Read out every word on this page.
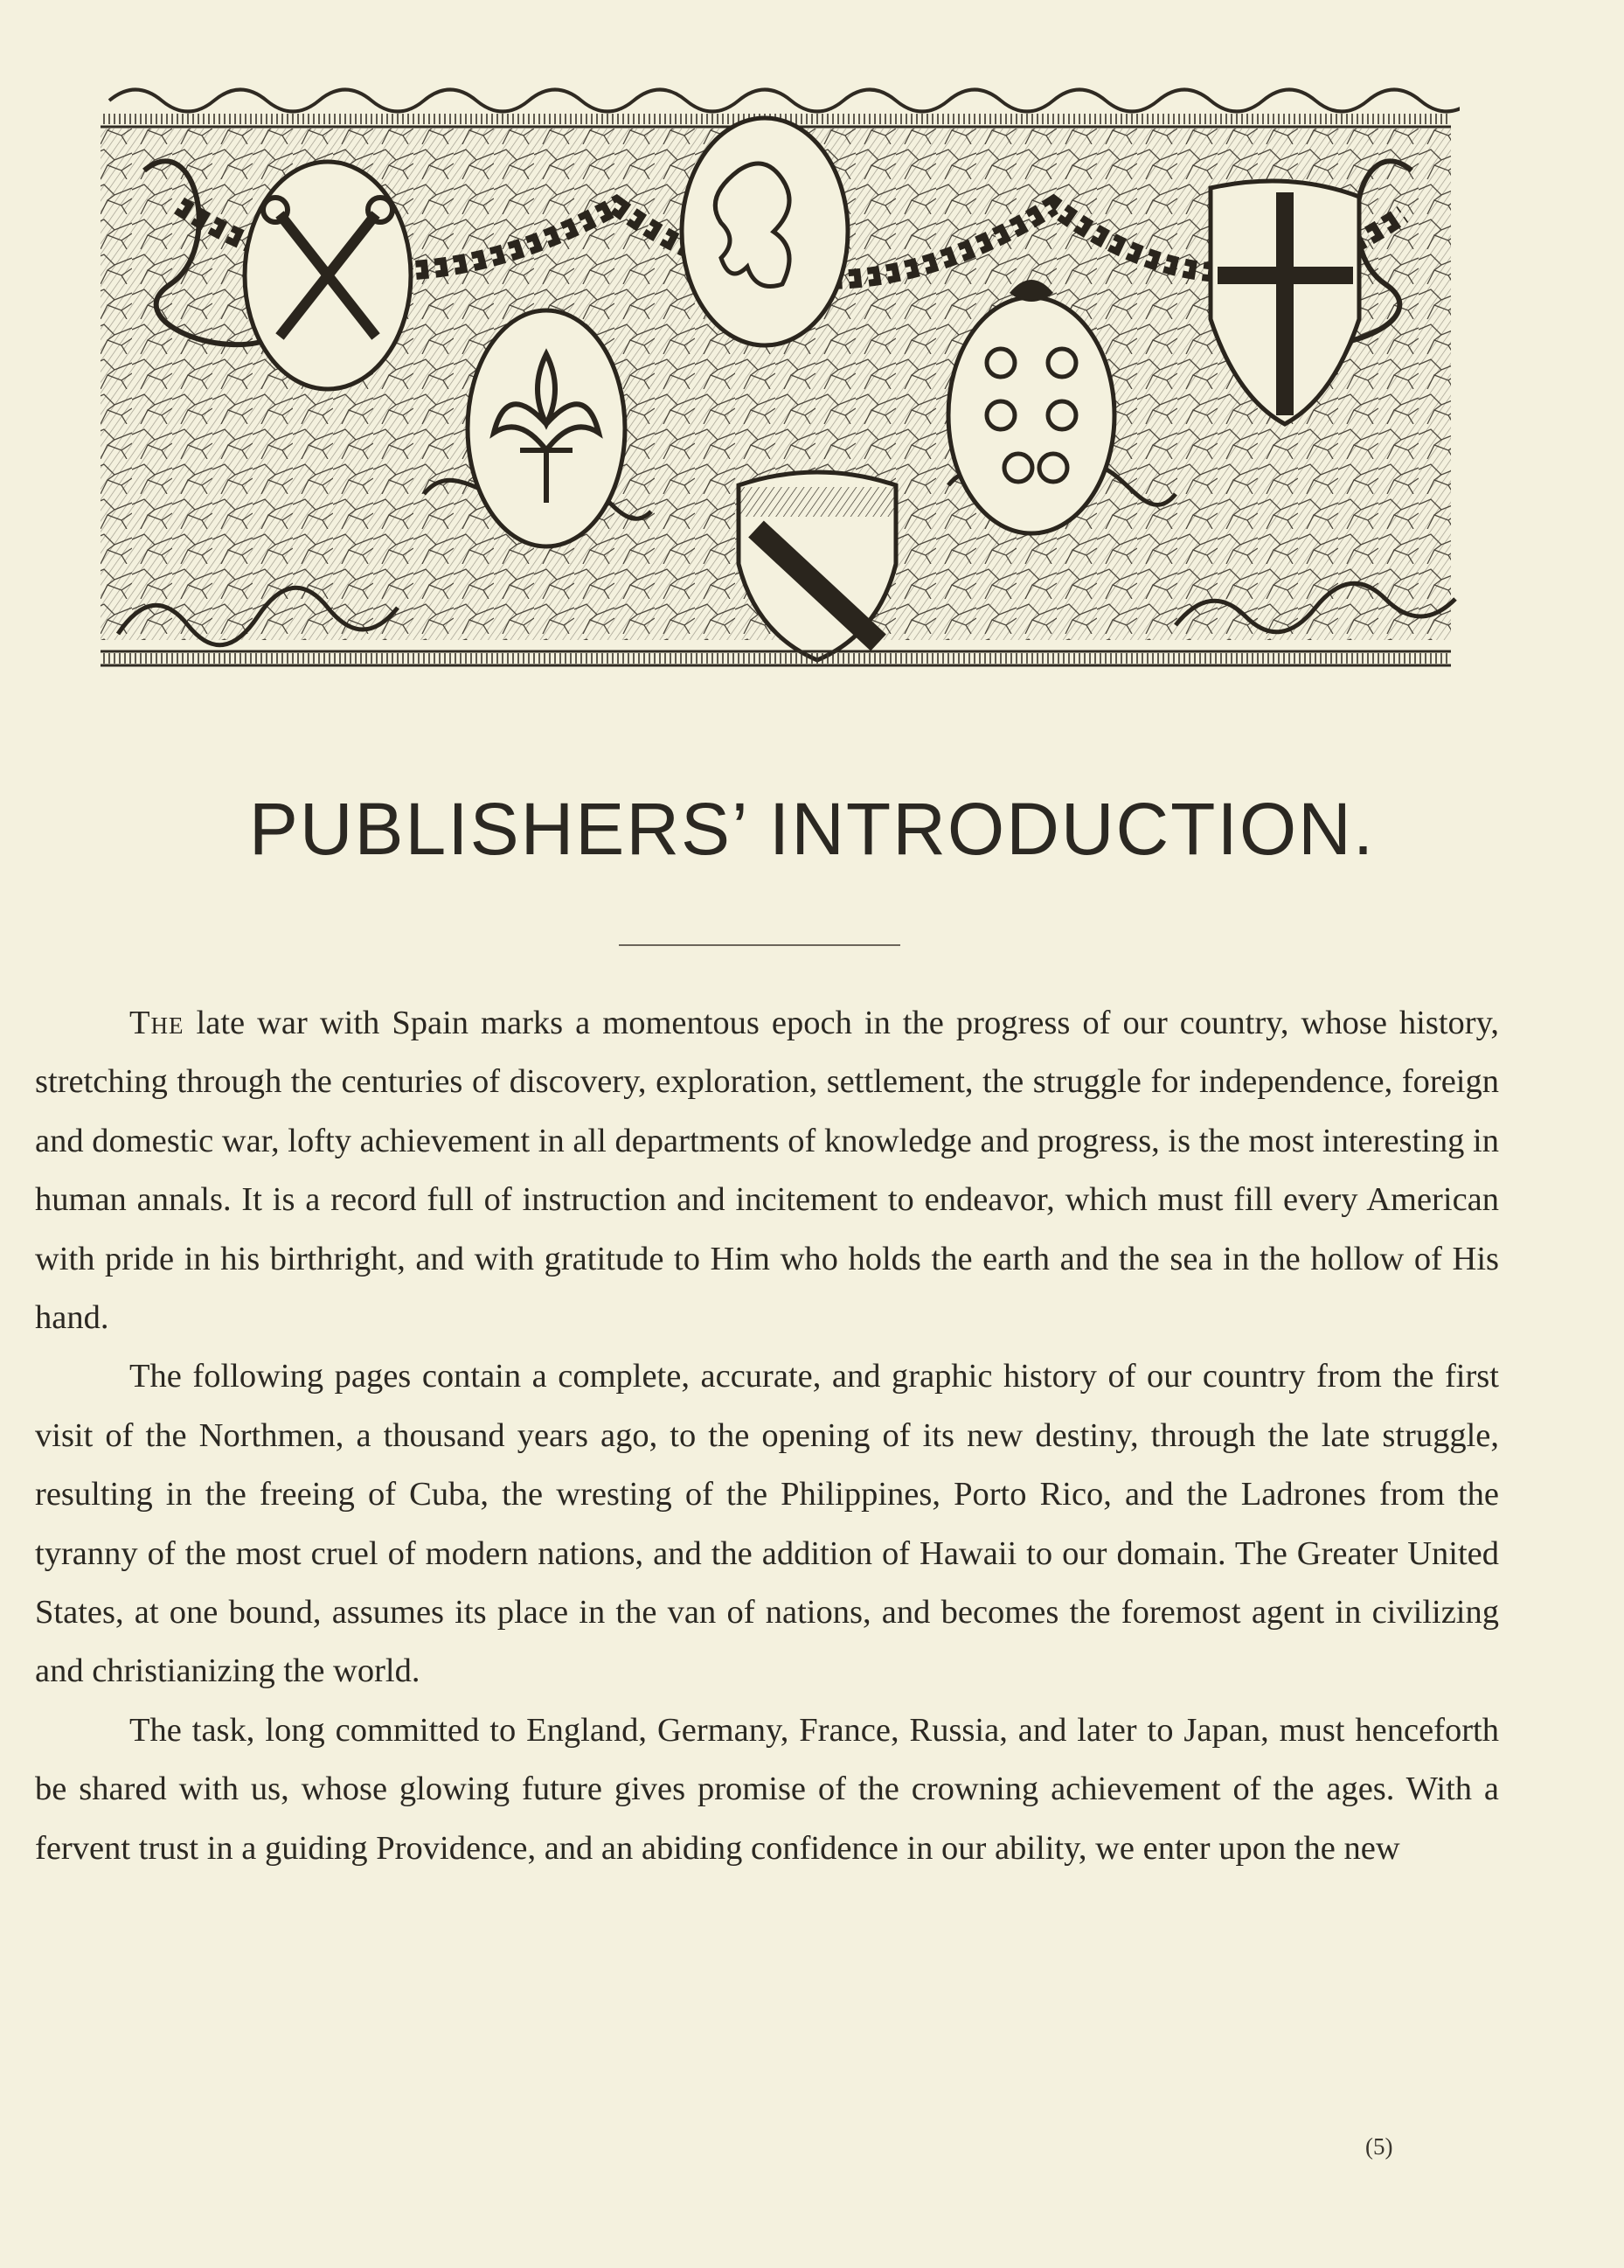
PUBLISHERS’ INTRODUCTION.

The late war with Spain marks a momentous epoch in the progress of our country, whose history, stretching through the centuries of discovery, exploration, settlement, the struggle for independence, foreign and domestic war, lofty achievement in all departments of knowledge and progress, is the most interesting in human annals. It is a record full of instruction and incitement to endeavor, which must fill every American with pride in his birthright, and with gratitude to Him who holds the earth and the sea in the hollow of His hand.

The following pages contain a complete, accurate, and graphic history of our country from the first visit of the Northmen, a thousand years ago, to the opening of its new destiny, through the late struggle, resulting in the freeing of Cuba, the wresting of the Philippines, Porto Rico, and the Ladrones from the tyranny of the most cruel of modern nations, and the addition of Hawaii to our domain. The Greater United States, at one bound, assumes its place in the van of nations, and becomes the foremost agent in civilizing and christianizing the world.

The task, long committed to England, Germany, France, Russia, and later to Japan, must henceforth be shared with us, whose glowing future gives promise of the crowning achievement of the ages. With a fervent trust in a guiding Providence, and an abiding confidence in our ability, we enter upon the new

(5)
